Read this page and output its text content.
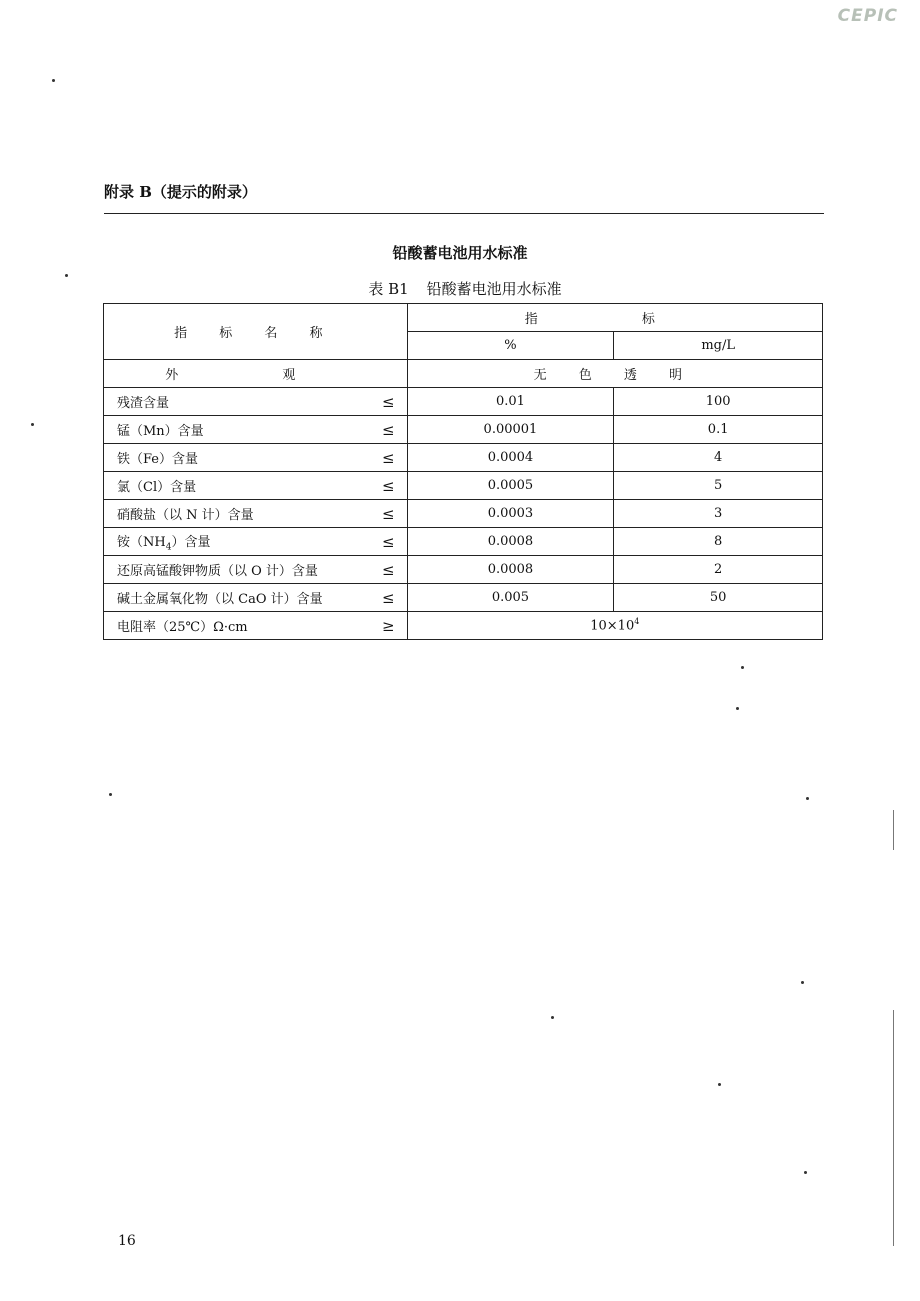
CEPIC
附录 B（提示的附录）
铅酸蓄电池用水标准
表 B1 铅酸蓄电池用水标准
指 标 名 称	指 标	
	%	mg/L
外 观	无 色 透 明	
残渣含量 ≤	0.01	100
锰（Mn）含量 ≤	0.00001	0.1
铁（Fe）含量 ≤	0.0004	4
氯（Cl）含量 ≤	0.0005	5
硝酸盐（以 N 计）含量 ≤	0.0003	3
铵$(NH_4)$含量 ≤	0.0008	8
还原高锰酸钾物质（以 O 计）含量 ≤	0.0008	2
碱土金属氧化物（以 CaO 计）含量 ≤	0.005	50
电阻率（25℃）Ω·cm ≥	$10\times 10^4$
16
